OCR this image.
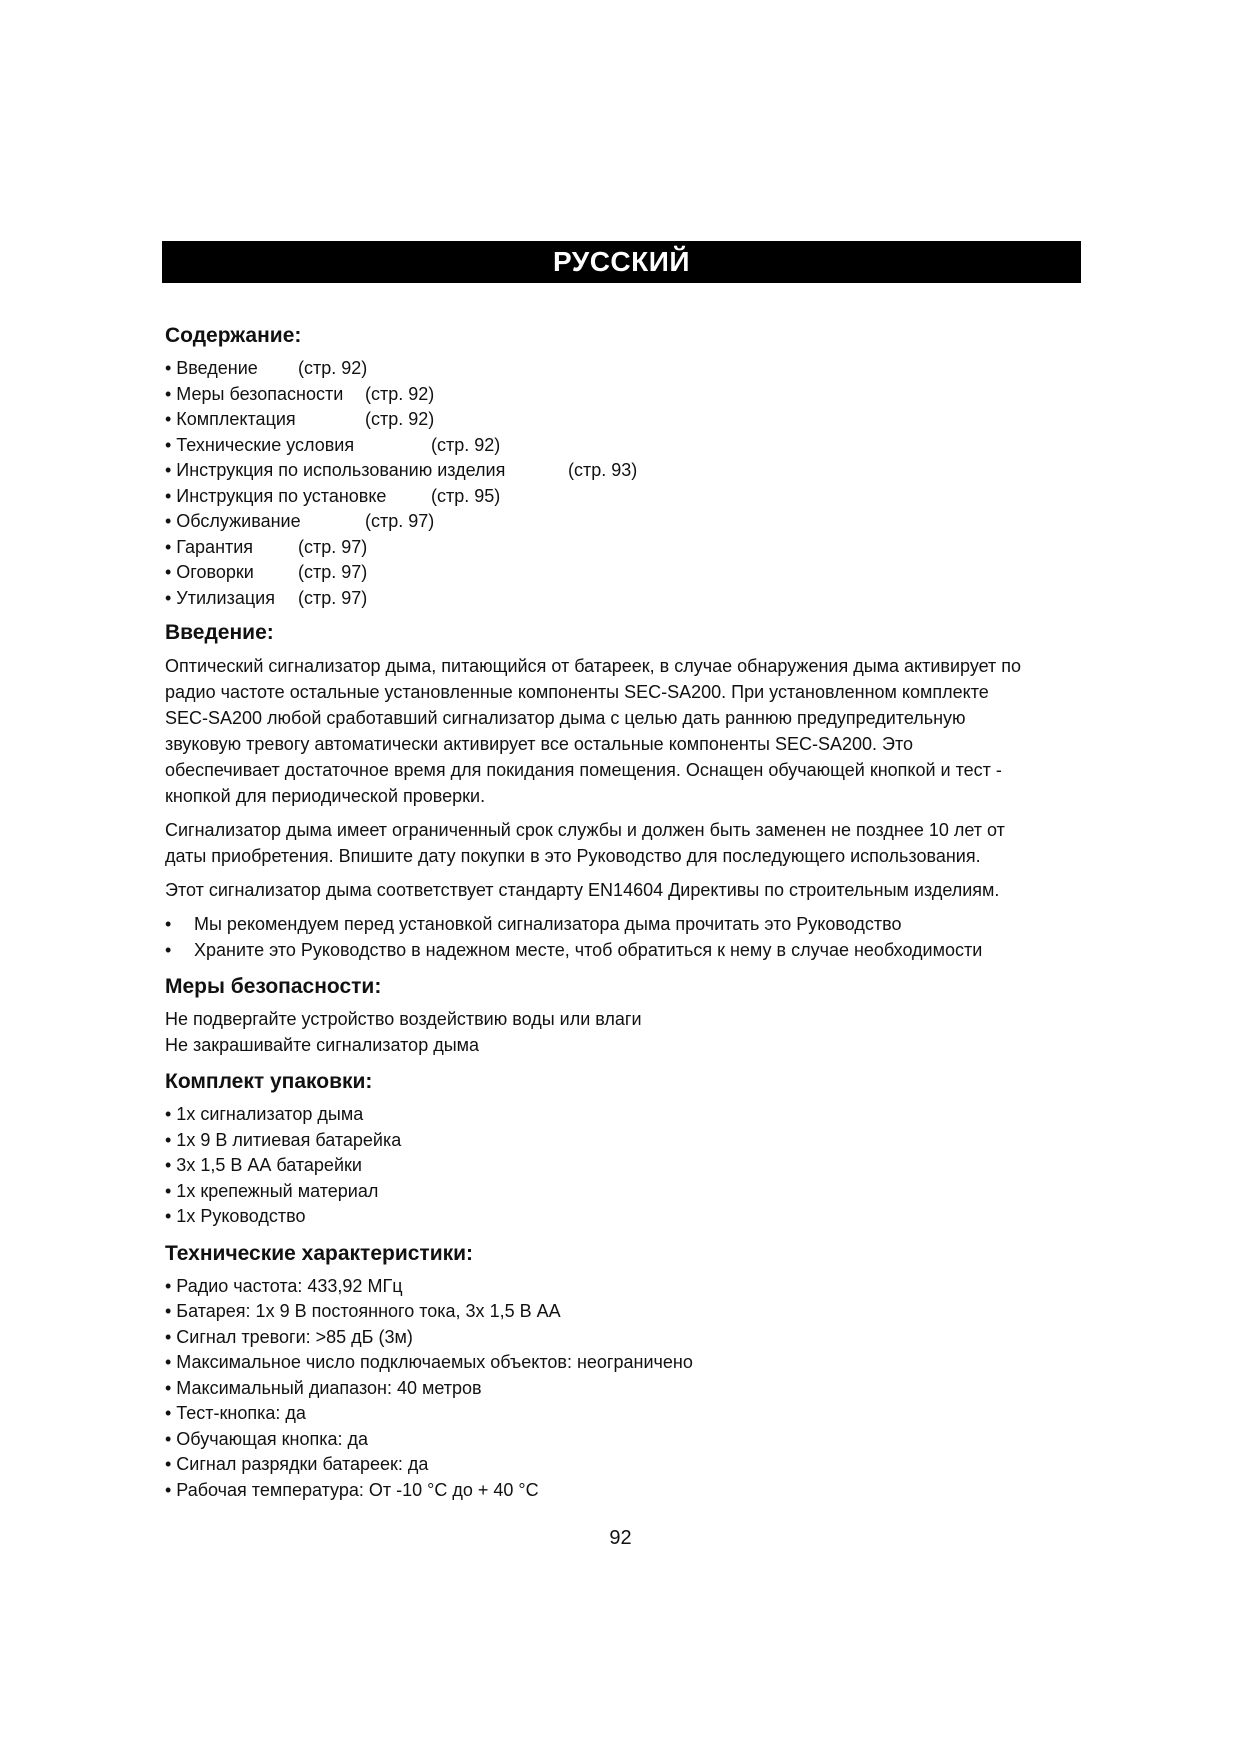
РУССКИЙ
Содержание:
• Введение (стр. 92)
• Меры безопасности (стр. 92)
• Комплектация	(стр. 92)
• Технические условия	(стр. 92)
• Инструкция по использованию изделия	(стр. 93)
• Инструкция по установке (стр. 95)
• Обслуживание	(стр. 97)
• Гарантия (стр. 97)
• Оговорки (стр. 97)
• Утилизация (стр. 97)
Введение:

Оптический сигнализатор дыма, питающийся от батареек, в случае обнаружения дыма активирует по
радио частоте остальные установленные компоненты SEC-SA200. При установленном комплекте
SEC-SA200 любой сработавший сигнализатор дыма с целью дать раннюю предупредительную
звуковую тревогу автоматически активирует все остальные компоненты SEC-SA200. Это
обеспечивает достаточное время для покидания помещения. Оснащен обучающей кнопкой и тест -
кнопкой для периодической проверки.

Сигнализатор дыма имеет ограниченный срок службы и должен быть заменен не позднее 10 лет от
даты приобретения. Впишите дату покупки в это Руководство для последующего использования.

Этот сигнализатор дыма соответствует стандарту EN14604 Директивы по строительным изделиям.

• Мы рекомендуем перед установкой сигнализатора дыма прочитать это Руководство
• Храните это Руководство в надежном месте, чтоб обратиться к нему в случае необходимости
Меры безопасности:
Не подвергайте устройство воздействию воды или влаги
Не закрашивайте сигнализатор дыма
Комплект упаковки:
• 1x сигнализатор дыма
• 1x 9 В литиевая батарейка
• 3x 1,5 В АА батарейки
• 1x крепежный материал
• 1x Руководство
Технические характеристики:
• Радио частота: 433,92 МГц
• Батарея: 1x 9 В постоянного тока, 3x 1,5 В АА
• Сигнал тревоги: >85 дБ (3м)
• Максимальное число подключаемых объектов: неограничено
• Максимальный диапазон: 40 метров
• Тест-кнопка: да
• Обучающая кнопка: да
• Сигнал разрядки батареек: да
• Рабочая температура: От -10 °С до + 40 °С
92
